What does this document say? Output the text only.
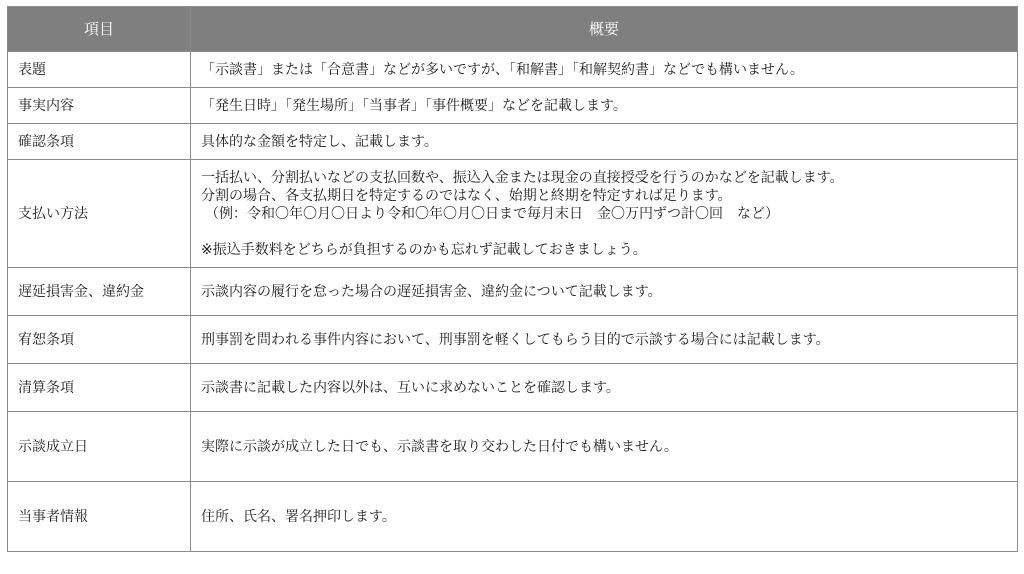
項目	概要
表題	「示談書」または「合意書」などが多いですが、「和解書」「和解契約書」などでも構いません。

事実内容	「発生日時」「発生場所」「当事者」「事件概要」などを記載します。

確認条項	具体的な金額を特定し、記載します。

支払い方法	一括払い、分割払いなどの支払回数や、振込入金または現金の直接授受を行うのかなどを記載します。
分割の場合、各支払期日を特定するのではなく、始期と終期を特定すれば足ります。
（例：令和〇年〇月〇日より令和〇年〇月〇日まで毎月末日　金〇万円ずつ計〇回　など）
※振込手数料をどちらが負担するのかも忘れず記載しておきましょう。

遅延損害金、違約金	示談内容の履行を怠った場合の遅延損害金、違約金について記載します。

宥恕条項	刑事罰を問われる事件内容において、刑事罰を軽くしてもらう目的で示談する場合には記載します。

清算条項	示談書に記載した内容以外は、互いに求めないことを確認します。

示談成立日	実際に示談が成立した日でも、示談書を取り交わした日付でも構いません。

当事者情報	住所、氏名、署名押印します。
